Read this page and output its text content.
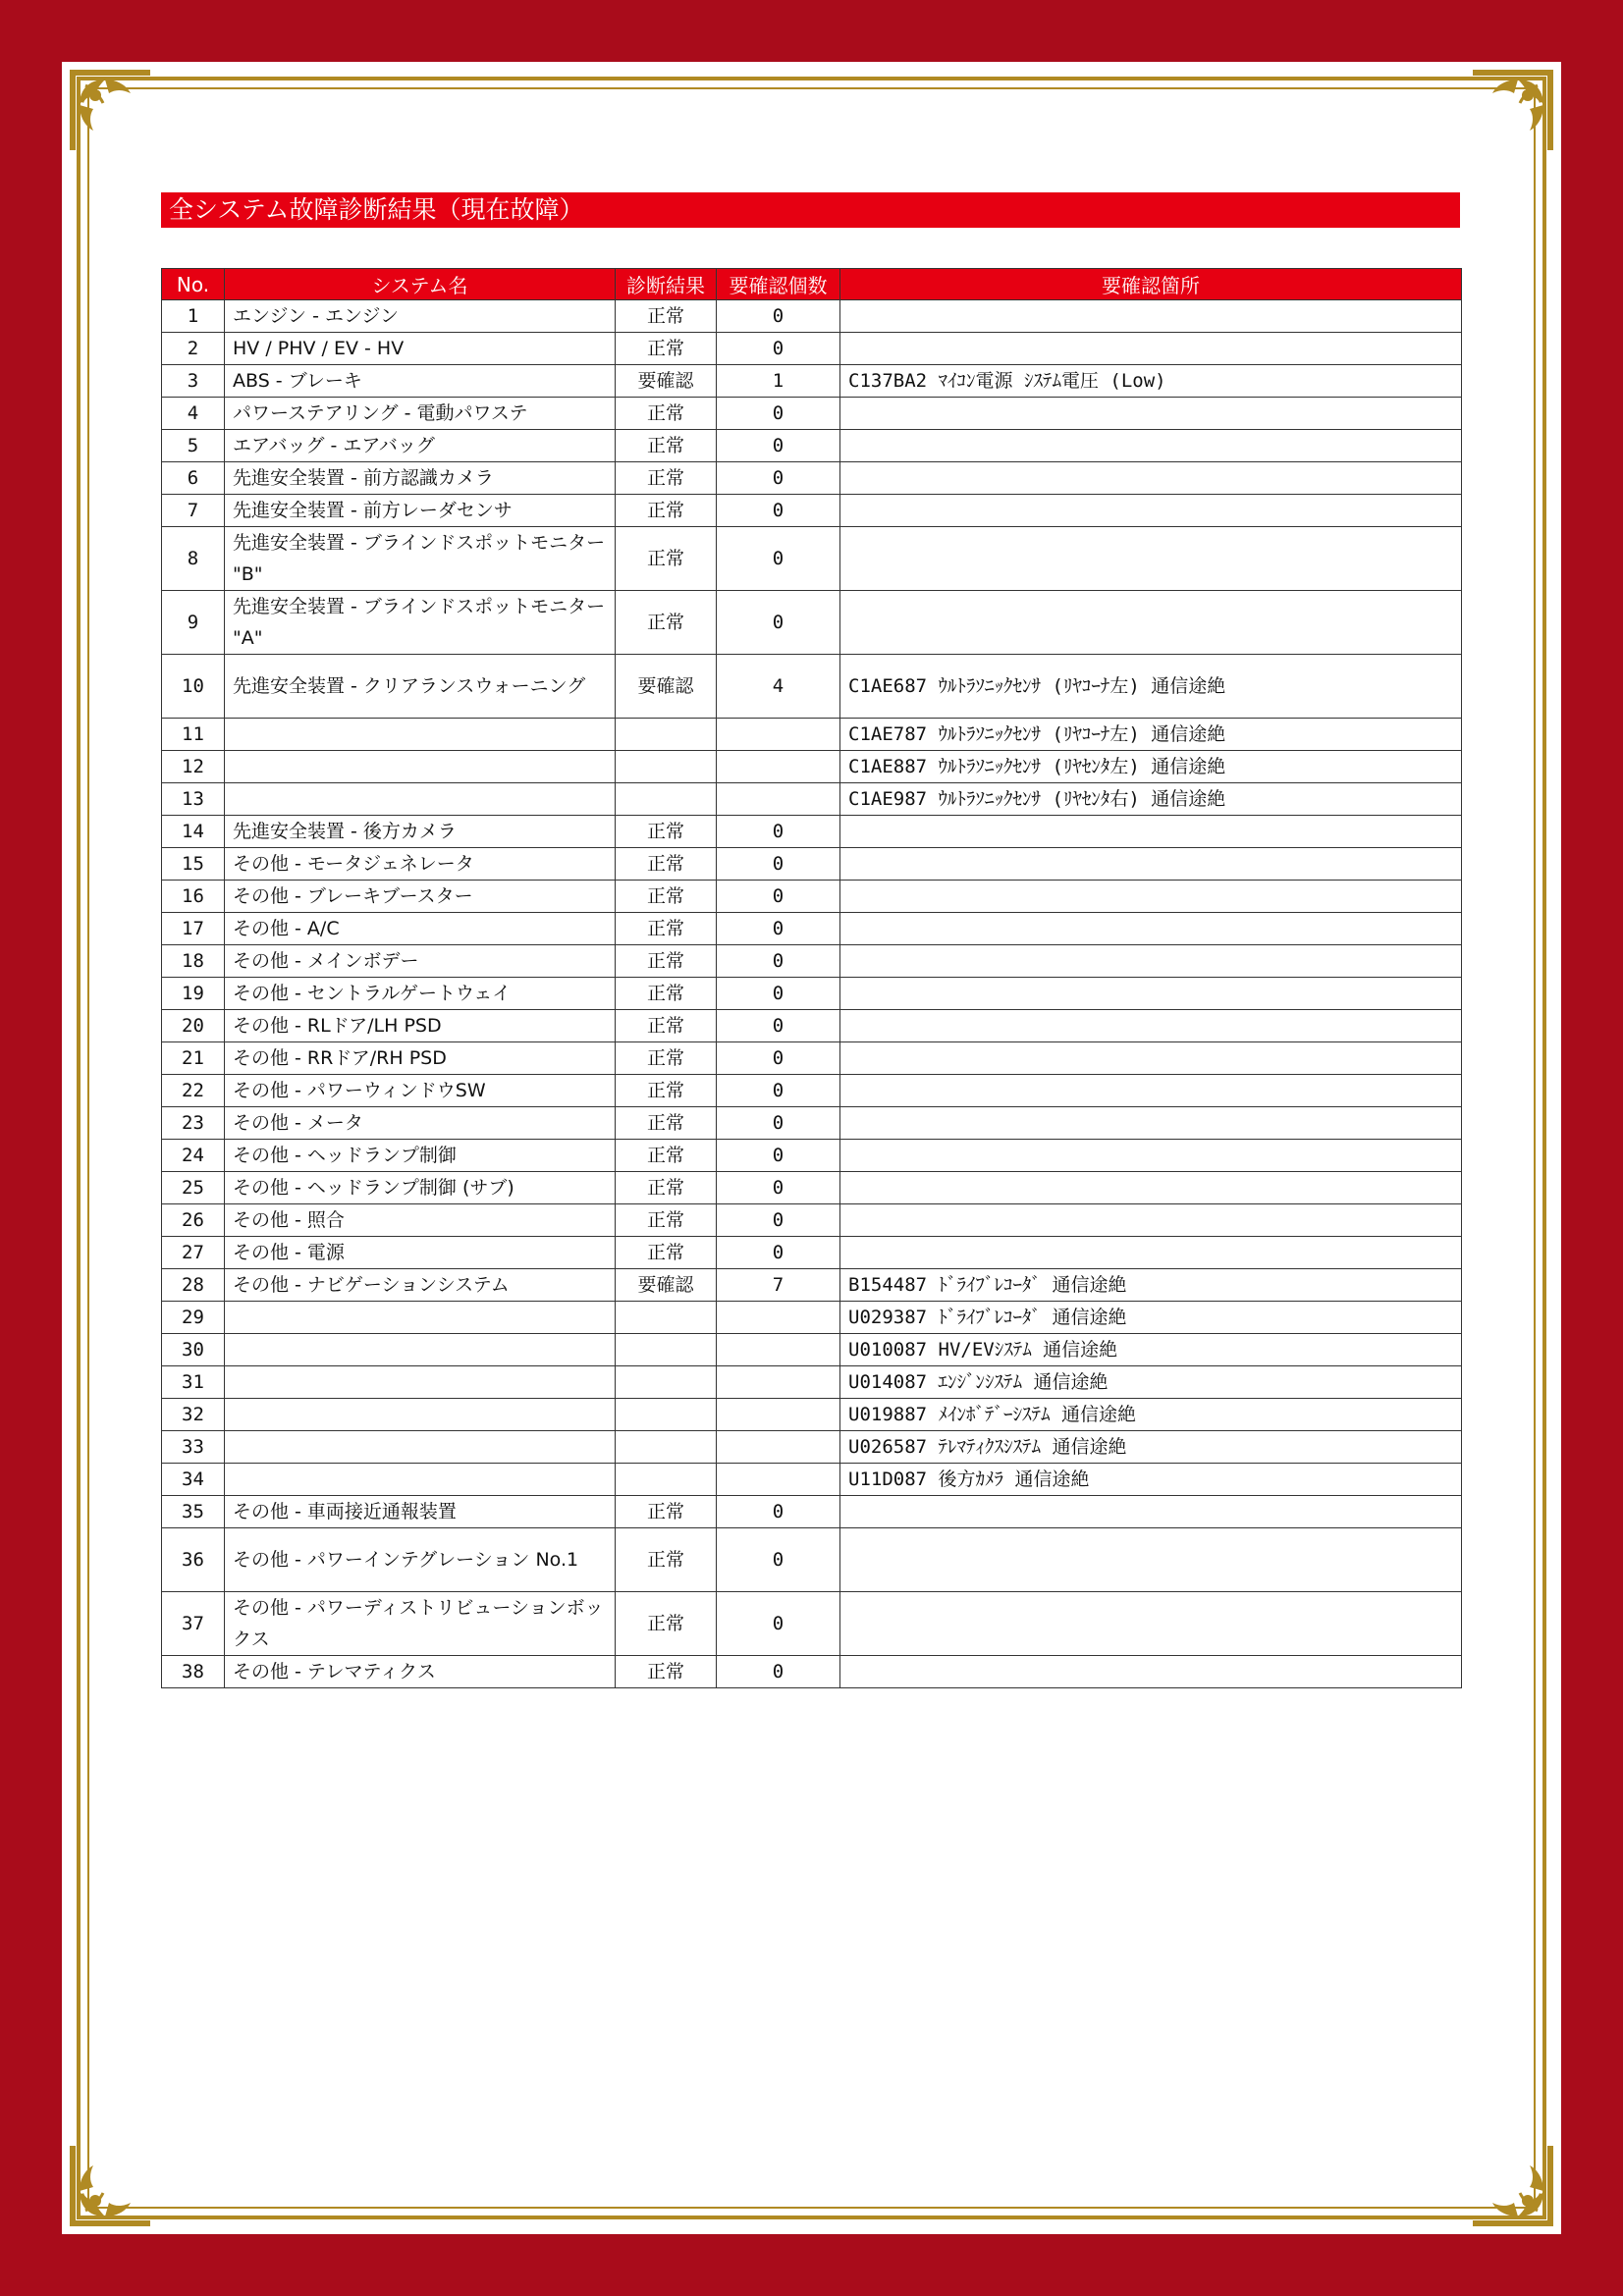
全システム故障診断結果（現在故障）
No.	システム名	診断結果	要確認個数	要確認箇所
1	エンジン - エンジン	正常	0	
2	HV / PHV / EV - HV	正常	0	
3	ABS - ブレーキ	要確認	1	C137BA2 ﾏｲｺﾝ電源 ｼｽﾃﾑ電圧 (Low)
4	パワーステアリング - 電動パワステ	正常	0	
5	エアバッグ - エアバッグ	正常	0	
6	先進安全装置 - 前方認識カメラ	正常	0	
7	先進安全装置 - 前方レーダセンサ	正常	0	
8	先進安全装置 - ブラインドスポットモニター "B"	正常	0	
9	先進安全装置 - ブラインドスポットモニター "A"	正常	0	
10	先進安全装置 - クリアランスウォーニング	要確認	4	C1AE687 ｳﾙﾄﾗｿﾆｯｸｾﾝｻ (ﾘﾔｺｰﾅ左) 通信途絶
11				C1AE787 ｳﾙﾄﾗｿﾆｯｸｾﾝｻ (ﾘﾔｺｰﾅ左) 通信途絶
12				C1AE887 ｳﾙﾄﾗｿﾆｯｸｾﾝｻ (ﾘﾔｾﾝﾀ左) 通信途絶
13				C1AE987 ｳﾙﾄﾗｿﾆｯｸｾﾝｻ (ﾘﾔｾﾝﾀ右) 通信途絶
14	先進安全装置 - 後方カメラ	正常	0	
15	その他 - モータジェネレータ	正常	0	
16	その他 - ブレーキブースター	正常	0	
17	その他 - A/C	正常	0	
18	その他 - メインボデー	正常	0	
19	その他 - セントラルゲートウェイ	正常	0	
20	その他 - RLドア/LH PSD	正常	0	
21	その他 - RRドア/RH PSD	正常	0	
22	その他 - パワーウィンドウSW	正常	0	
23	その他 - メータ	正常	0	
24	その他 - ヘッドランプ制御	正常	0	
25	その他 - ヘッドランプ制御 (サブ)	正常	0	
26	その他 - 照合	正常	0	
27	その他 - 電源	正常	0	
28	その他 - ナビゲーションシステム	要確認	7	B154487 ﾄﾞﾗｲﾌﾞﾚｺｰﾀﾞ 通信途絶
29				U029387 ﾄﾞﾗｲﾌﾞﾚｺｰﾀﾞ 通信途絶
30				U010087 HV/EVｼｽﾃﾑ 通信途絶
31				U014087 ｴﾝｼﾞﾝｼｽﾃﾑ 通信途絶
32				U019887 ﾒｲﾝﾎﾞﾃﾞｰｼｽﾃﾑ 通信途絶
33				U026587 ﾃﾚﾏﾃｨｸｽｼｽﾃﾑ 通信途絶
34				U11D087 後方ｶﾒﾗ 通信途絶
35	その他 - 車両接近通報装置	正常	0	
36	その他 - パワーインテグレーション No.1	正常	0	
37	その他 - パワーディストリビューションボックス	正常	0	
38	その他 - テレマティクス	正常	0	
